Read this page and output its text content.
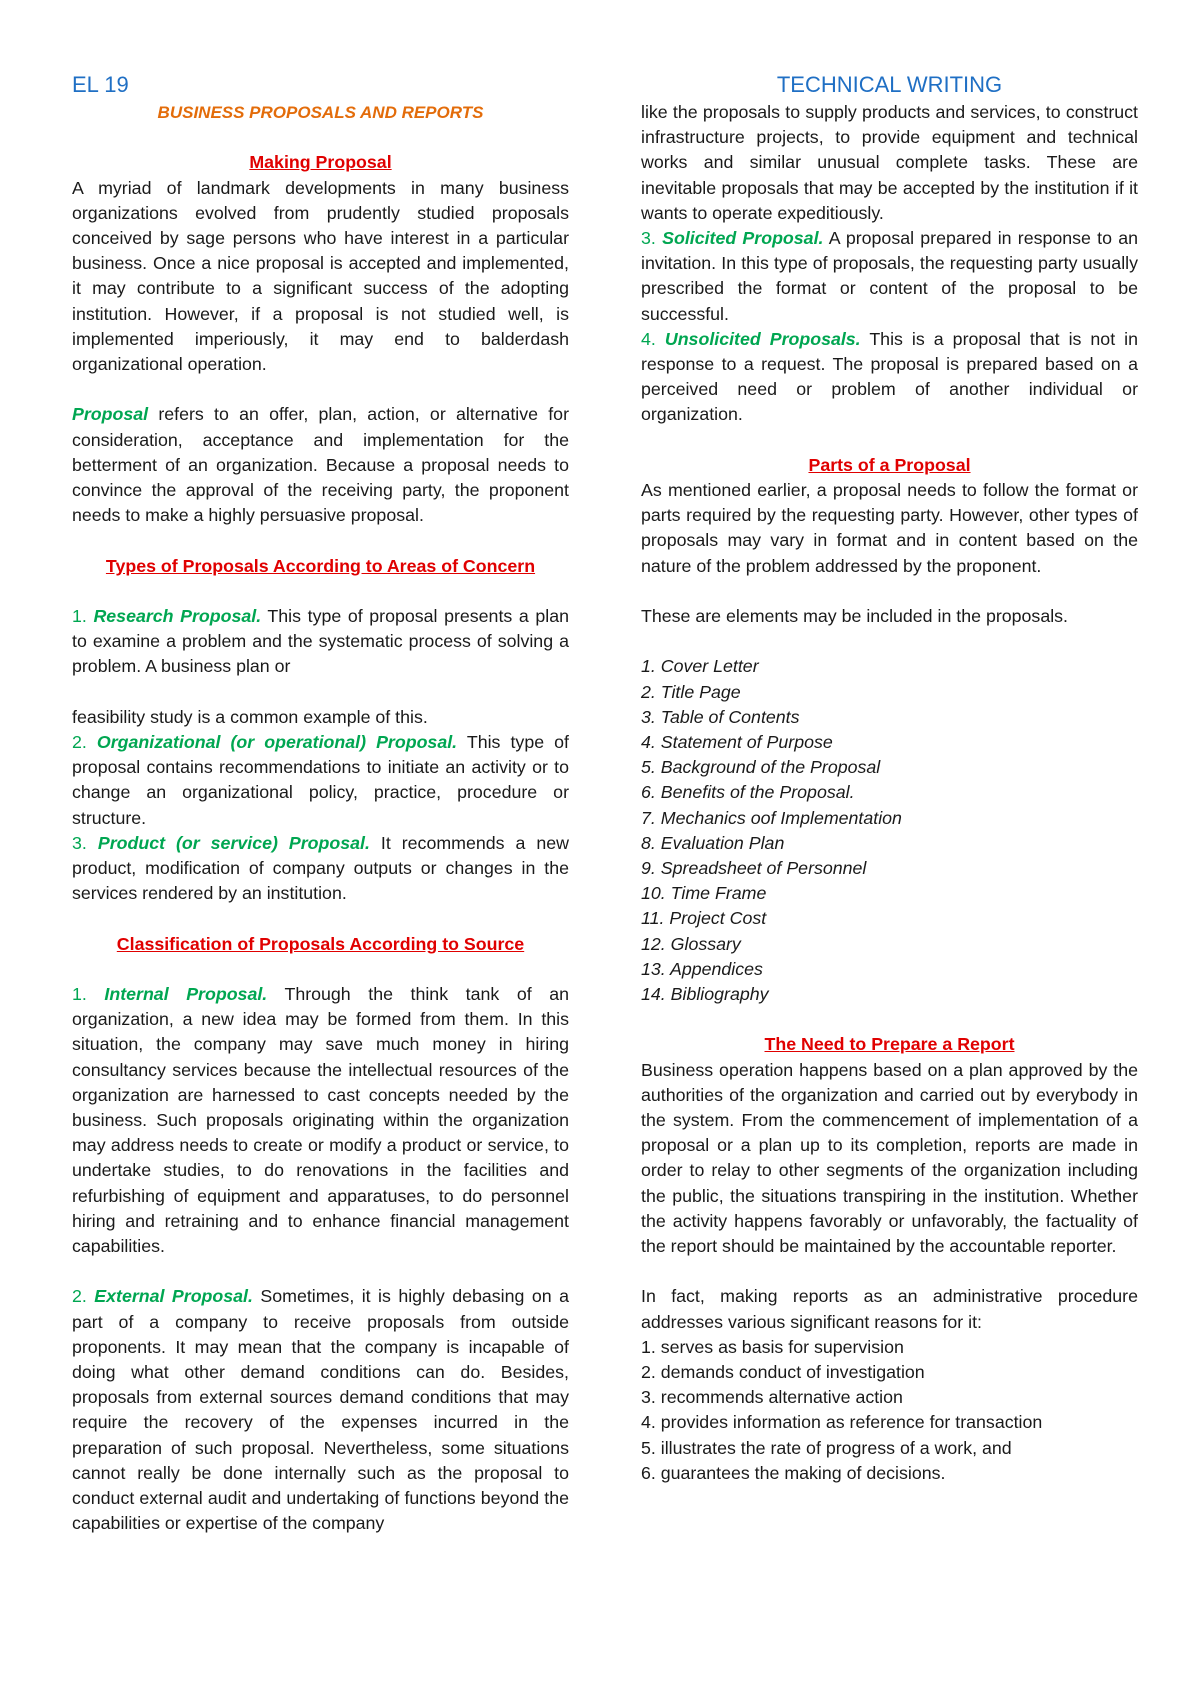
EL 19

BUSINESS PROPOSALS AND REPORTS

Making Proposal

A myriad of landmark developments in many business organizations evolved from prudently studied proposals conceived by sage persons who have interest in a particular business. Once a nice proposal is accepted and implemented, it may contribute to a significant success of the adopting institution. However, if a proposal is not studied well, is implemented imperiously, it may end to balderdash organizational operation.

Proposal refers to an offer, plan, action, or alternative for consideration, acceptance and implementation for the betterment of an organization. Because a proposal needs to convince the approval of the receiving party, the proponent needs to make a highly persuasive proposal.

Types of Proposals According to Areas of Concern

1. Research Proposal. This type of proposal presents a plan to examine a problem and the systematic process of solving a problem. A business plan or

feasibility study is a common example of this.

2. Organizational (or operational) Proposal. This type of proposal contains recommendations to initiate an activity or to change an organizational policy, practice, procedure or structure.

3. Product (or service) Proposal. It recommends a new product, modification of company outputs or changes in the services rendered by an institution.

Classification of Proposals According to Source

1. Internal Proposal. Through the think tank of an organization, a new idea may be formed from them. In this situation, the company may save much money in hiring consultancy services because the intellectual resources of the organization are harnessed to cast concepts needed by the business. Such proposals originating within the organization may address needs to create or modify a product or service, to undertake studies, to do renovations in the facilities and refurbishing of equipment and apparatuses, to do personnel hiring and retraining and to enhance financial management capabilities.

2. External Proposal. Sometimes, it is highly debasing on a part of a company to receive proposals from outside proponents. It may mean that the company is incapable of doing what other demand conditions can do. Besides, proposals from external sources demand conditions that may require the recovery of the expenses incurred in the preparation of such proposal. Nevertheless, some situations cannot really be done internally such as the proposal to conduct external audit and undertaking of functions beyond the capabilities or expertise of the company

TECHNICAL WRITING

like the proposals to supply products and services, to construct infrastructure projects, to provide equipment and technical works and similar unusual complete tasks. These are inevitable proposals that may be accepted by the institution if it wants to operate expeditiously.

3. Solicited Proposal. A proposal prepared in response to an invitation. In this type of proposals, the requesting party usually prescribed the format or content of the proposal to be successful.

4. Unsolicited Proposals. This is a proposal that is not in response to a request. The proposal is prepared based on a perceived need or problem of another individual or organization.

Parts of a Proposal

As mentioned earlier, a proposal needs to follow the format or parts required by the requesting party. However, other types of proposals may vary in format and in content based on the nature of the problem addressed by the proponent.

These are elements may be included in the proposals.

1. Cover Letter

2. Title Page

3. Table of Contents

4. Statement of Purpose

5. Background of the Proposal

6. Benefits of the Proposal.

7. Mechanics oof Implementation

8. Evaluation Plan

9. Spreadsheet of Personnel

10. Time Frame

11. Project Cost

12. Glossary

13. Appendices

14. Bibliography

The Need to Prepare a Report

Business operation happens based on a plan approved by the authorities of the organization and carried out by everybody in the system. From the commencement of implementation of a proposal or a plan up to its completion, reports are made in order to relay to other segments of the organization including the public, the situations transpiring in the institution. Whether the activity happens favorably or unfavorably, the factuality of the report should be maintained by the accountable reporter.

In fact, making reports as an administrative procedure addresses various significant reasons for it:

1. serves as basis for supervision

2. demands conduct of investigation

3. recommends alternative action

4. provides information as reference for transaction

5. illustrates the rate of progress of a work, and

6. guarantees the making of decisions.
